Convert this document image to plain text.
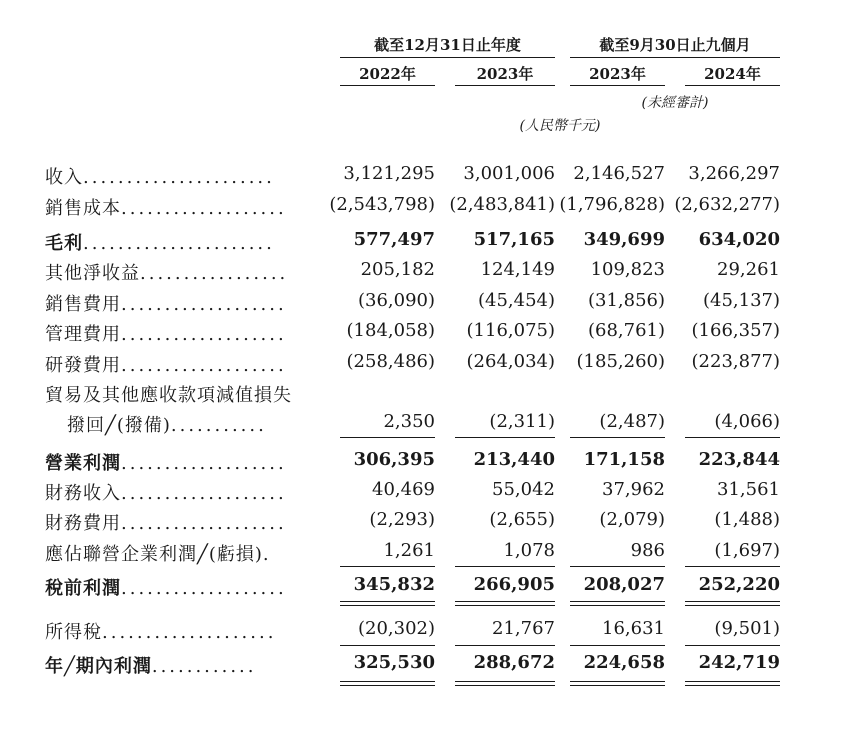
截至12月31日止年度	截至9月30日止九個月
2022年	2023年	2023年	2024年
(未經審計)
(人民幣千元)
收入......................	3,121,295	3,001,006	2,146,527	3,266,297
銷售成本...................	(2,543,798) (2,483,841) (1,796,828) (2,632,277)
毛利......................	577,497	517,165	349,699	634,020
其他淨收益.................	205,182	124,149	109,823	29,261
銷售費用...................	(36,090)	(45,454)	(31,856)	(45,137)
管理費用...................	(184,058)	(116,075)	(68,761)	(166,357)
研發費用...................	(258,486)	(264,034)	(185,260)	(223,877)
貿易及其他應收款項減值損失
撥回╱(撥備)...........	2,350	(2,311)	(2,487)	(4,066)
營業利潤...................	306,395	213,440	171,158	223,844
財務收入...................	40,469	55,042	37,962	31,561
財務費用...................	(2,293)	(2,655)	(2,079)	(1,488)
應佔聯營企業利潤╱(虧損).	1,261	1,078	986	(1,697)
稅前利潤...................	345,832	266,905	208,027	252,220
所得稅....................	(20,302)	21,767	16,631	(9,501)
年╱期內利潤............	325,530	288,672	224,658	242,719
